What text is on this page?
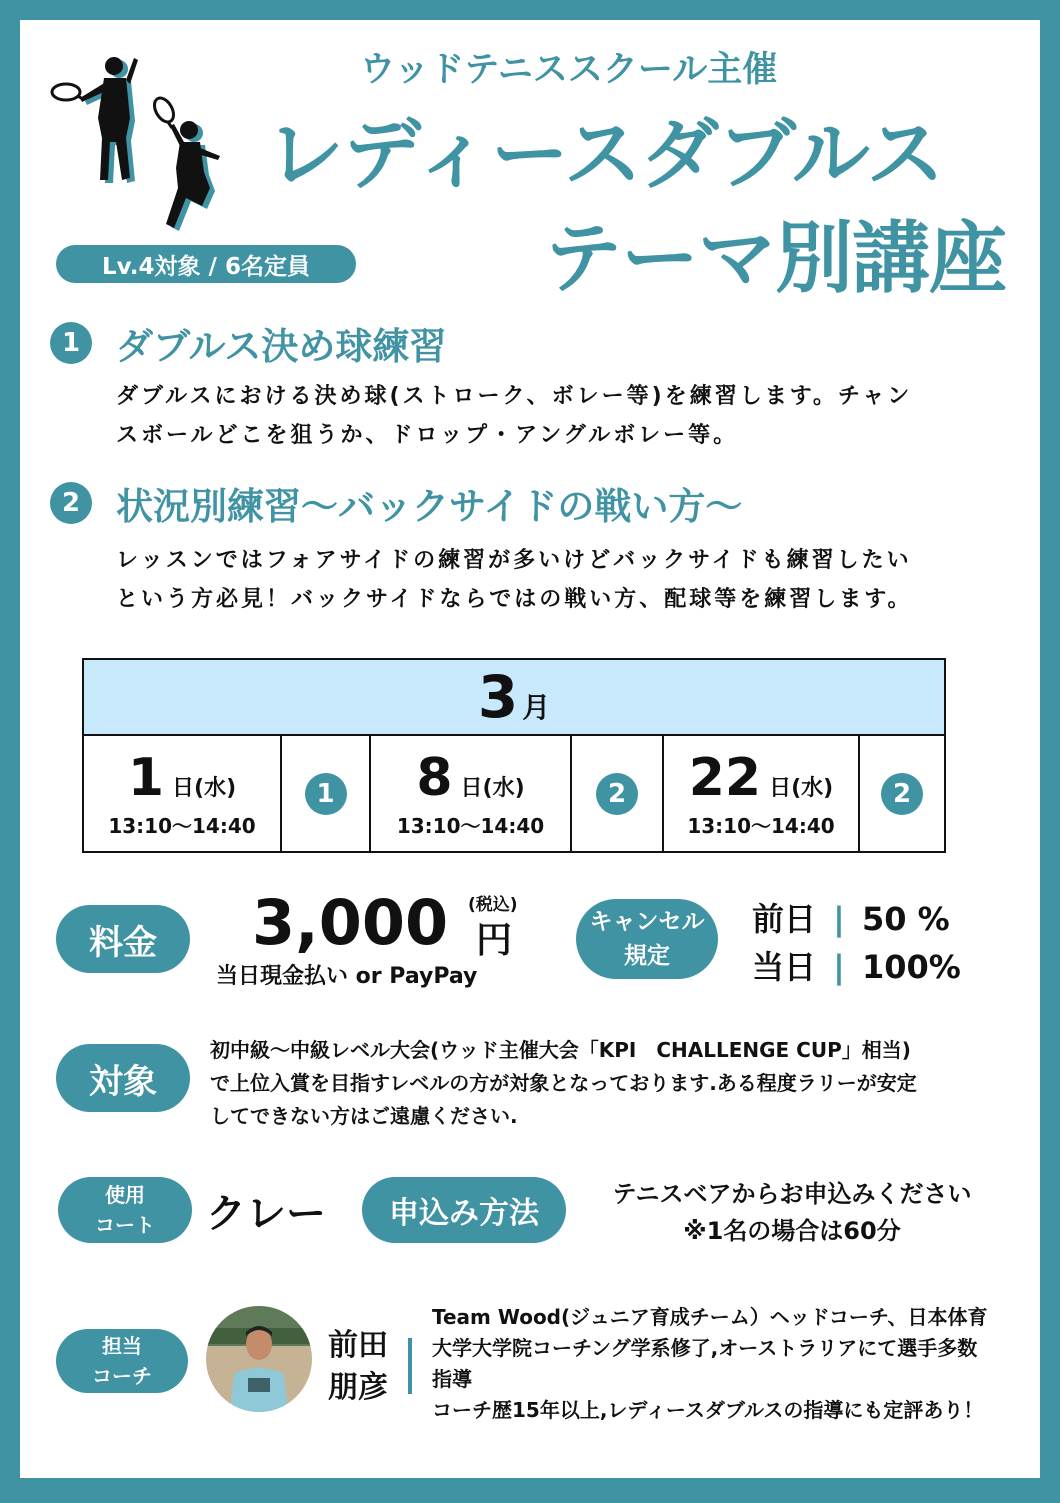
ウッドテニススクール主催
レディースダブルス
テーマ別講座
Lv.4対象 / 6名定員
1 ダブルス決め球練習
ダブルスにおける決め球(ストローク、ボレー等)を練習します。チャン
スボールどこを狙うか、ドロップ・アングルボレー等。
2 状況別練習～バックサイドの戦い方～
レッスンではフォアサイドの練習が多いけどバックサイドも練習したい
という方必見！バックサイドならではの戦い方、配球等を練習します。
3 月

1 日(水)
13:10～14:40
	1	8 日(水)
13:10～14:40
	2	22 日(水)
13:10～14:40
	2
料金	3,000 (税込)
円
当日現金払い or PayPay
キャンセル
規定
前日 | 50 %
当日 | 100%
対象
初中級～中級レベル大会(ウッド主催大会「KPI　CHALLENGE CUP」相当)
で上位入賞を目指すレベルの方が対象となっております.ある程度ラリーが安定
してできない方はご遠慮ください.
使用
コート クレー	申込み方法
テニスベアからお申込みください
※1名の場合は60分
担当
コーチ
前田
朋彦
Team Wood(ジュニア育成チーム）ヘッドコーチ、日本体育
大学大学院コーチング学系修了,オーストラリアにて選手多数
指導
コーチ歴15年以上,レディースダブルスの指導にも定評あり！
